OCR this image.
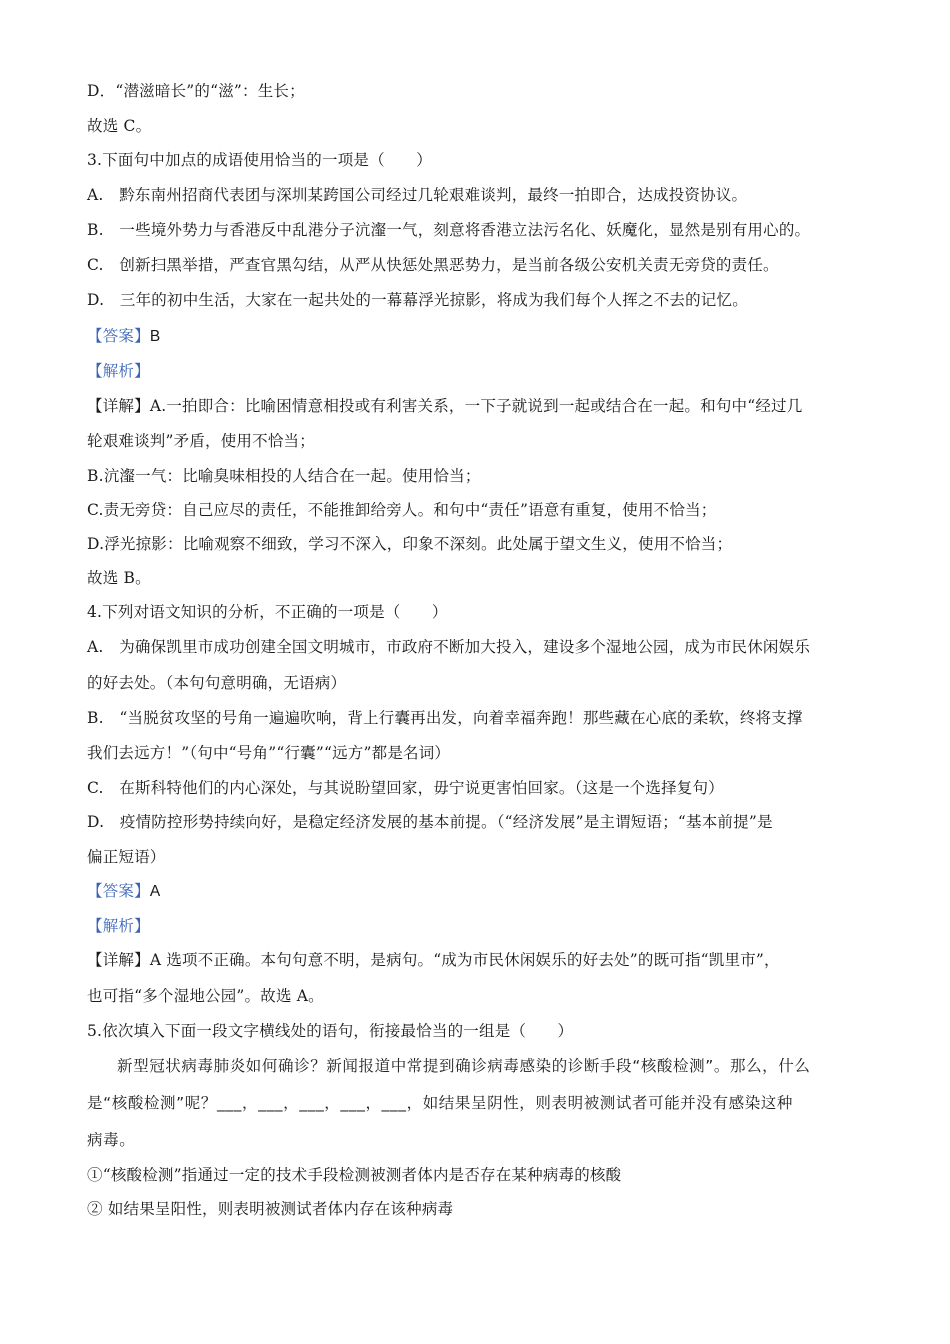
D．“潜滋暗长”的“滋”：生长；
故选 C。
3.下面句中加点的成语使用恰当的一项是（　　）
A.　黔东南州招商代表团与深圳某跨国公司经过几轮艰难谈判，最终一拍即合，达成投资协议。
B.　一些境外势力与香港反中乱港分子沆瀣一气，刻意将香港立法污名化、妖魔化，显然是别有用心的。
C.　创新扫黑举措，严查官黑勾结，从严从快惩处黑恶势力，是当前各级公安机关责无旁贷的责任。
D.　三年的初中生活，大家在一起共处的一幕幕浮光掠影，将成为我们每个人挥之不去的记忆。
【答案】B
【解析】
【详解】A.一拍即合：比喻困情意相投或有利害关系，一下子就说到一起或结合在一起。和句中“经过几
轮艰难谈判”矛盾，使用不恰当；
B.沆瀣一气：比喻臭味相投的人结合在一起。使用恰当；
C.责无旁贷：自己应尽的责任，不能推卸给旁人。和句中“责任”语意有重复，使用不恰当；
D.浮光掠影：比喻观察不细致，学习不深入，印象不深刻。此处属于望文生义，使用不恰当；
故选 B。
4.下列对语文知识的分析，不正确的一项是（　　）
A.　为确保凯里市成功创建全国文明城市，市政府不断加大投入，建设多个湿地公园，成为市民休闲娱乐
的好去处。（本句句意明确，无语病）
B.　“当脱贫攻坚的号角一遍遍吹响，背上行囊再出发，向着幸福奔跑！那些藏在心底的柔软，终将支撑
我们去远方！”（句中“号角”“行囊”“远方”都是名词）
C.　在斯科特他们的内心深处，与其说盼望回家，毋宁说更害怕回家。（这是一个选择复句）
D.　疫情防控形势持续向好，是稳定经济发展的基本前提。（“经济发展”是主谓短语；“基本前提”是
偏正短语）
【答案】A
【解析】
【详解】A 选项不正确。本句句意不明，是病句。“成为市民休闲娱乐的好去处”的既可指“凯里市”，
也可指“多个湿地公园”。故选 A。
5.依次填入下面一段文字横线处的语句，衔接最恰当的一组是（　　）
新型冠状病毒肺炎如何确诊？新闻报道中常提到确诊病毒感染的诊断手段“核酸检测”。那么，什么
是“核酸检测”呢？___，___，___，___，___，如结果呈阴性，则表明被测试者可能并没有感染这种
病毒。
①“核酸检测”指通过一定的技术手段检测被测者体内是否存在某种病毒的核酸
② 如结果呈阳性，则表明被测试者体内存在该种病毒
